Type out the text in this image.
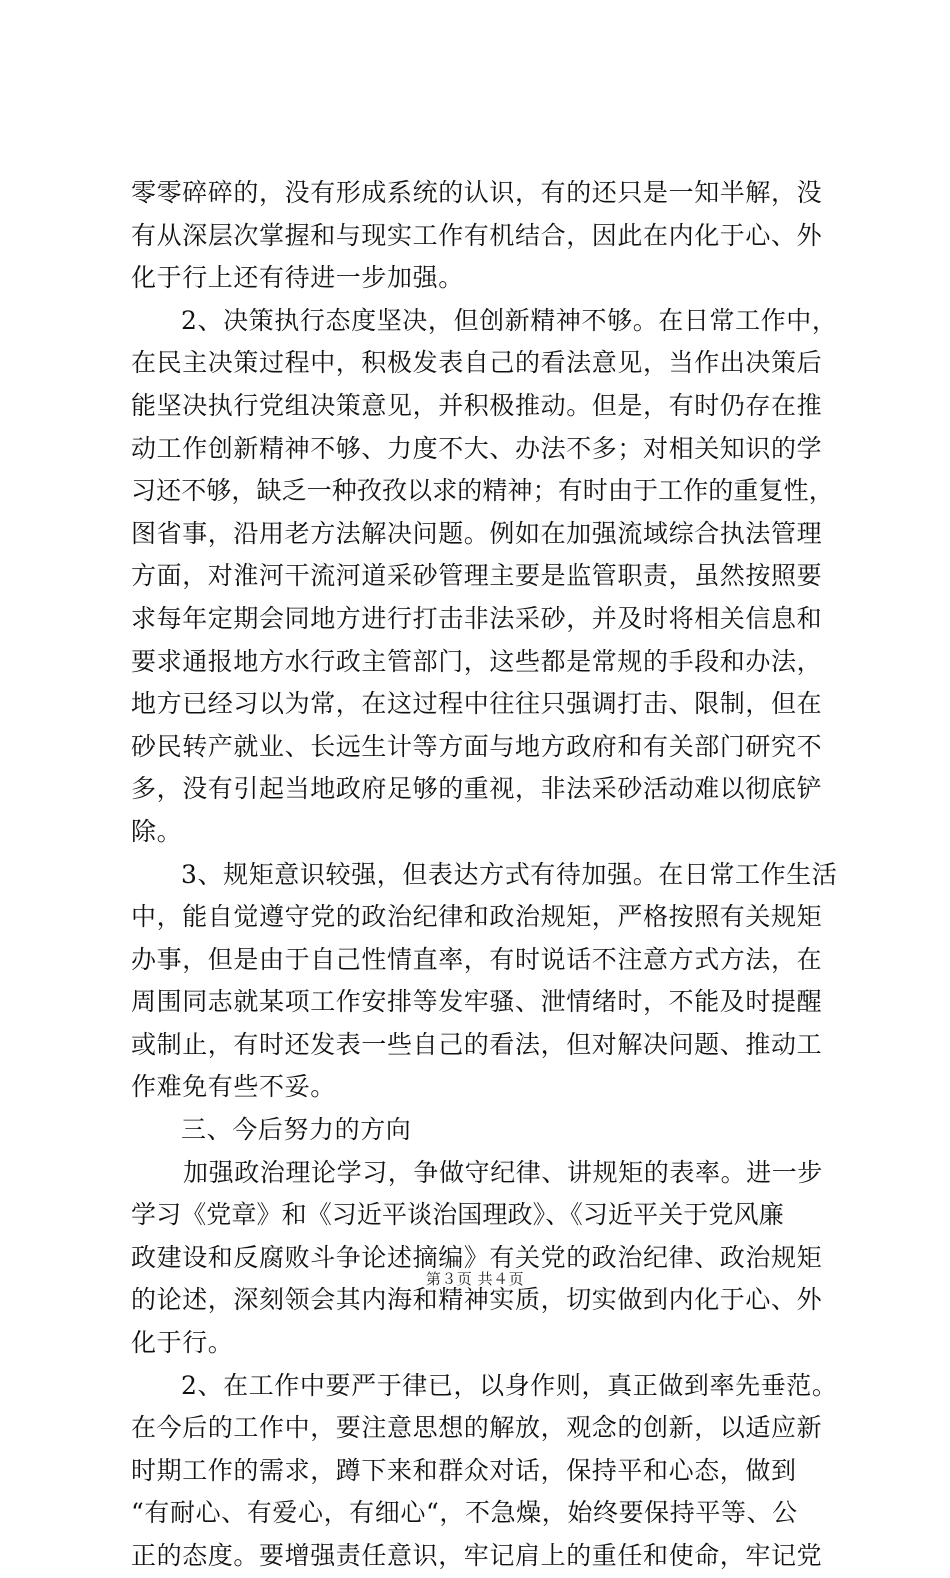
零零碎碎的，没有形成系统的认识，有的还只是一知半解，没
有从深层次掌握和与现实工作有机结合，因此在内化于心、外
化于行上还有待进一步加强。
2、决策执行态度坚决，但创新精神不够。在日常工作中，
在民主决策过程中，积极发表自己的看法意见，当作出决策后
能坚决执行党组决策意见，并积极推动。但是，有时仍存在推
动工作创新精神不够、力度不大、办法不多；对相关知识的学
习还不够，缺乏一种孜孜以求的精神；有时由于工作的重复性，
图省事，沿用老方法解决问题。例如在加强流域综合执法管理
方面，对淮河干流河道采砂管理主要是监管职责，虽然按照要
求每年定期会同地方进行打击非法采砂，并及时将相关信息和
要求通报地方水行政主管部门，这些都是常规的手段和办法，
地方已经习以为常，在这过程中往往只强调打击、限制，但在
砂民转产就业、长远生计等方面与地方政府和有关部门研究不
多，没有引起当地政府足够的重视，非法采砂活动难以彻底铲
除。
3、规矩意识较强，但表达方式有待加强。在日常工作生活
中，能自觉遵守党的政治纪律和政治规矩，严格按照有关规矩
办事，但是由于自己性情直率，有时说话不注意方式方法，在
周围同志就某项工作安排等发牢骚、泄情绪时，不能及时提醒
或制止，有时还发表一些自己的看法，但对解决问题、推动工
作难免有些不妥。
三、今后努力的方向
加强政治理论学习，争做守纪律、讲规矩的表率。进一步
学习《党章》和《习近平谈治国理政》、《习近平关于党风廉
政建设和反腐败斗争论述摘编》有关党的政治纪律、政治规矩
的论述，深刻领会其内海和精神实质，切实做到内化于心、外
化于行。
2、在工作中要严于律已，以身作则，真正做到率先垂范。
在今后的工作中，要注意思想的解放，观念的创新，以适应新
时期工作的需求，蹲下来和群众对话，保持平和心态，做到
“有耐心、有爱心，有细心“，不急燥，始终要保持平等、公
正的态度。要增强责任意识，牢记肩上的重任和使命，牢记党
第３页 共４页
